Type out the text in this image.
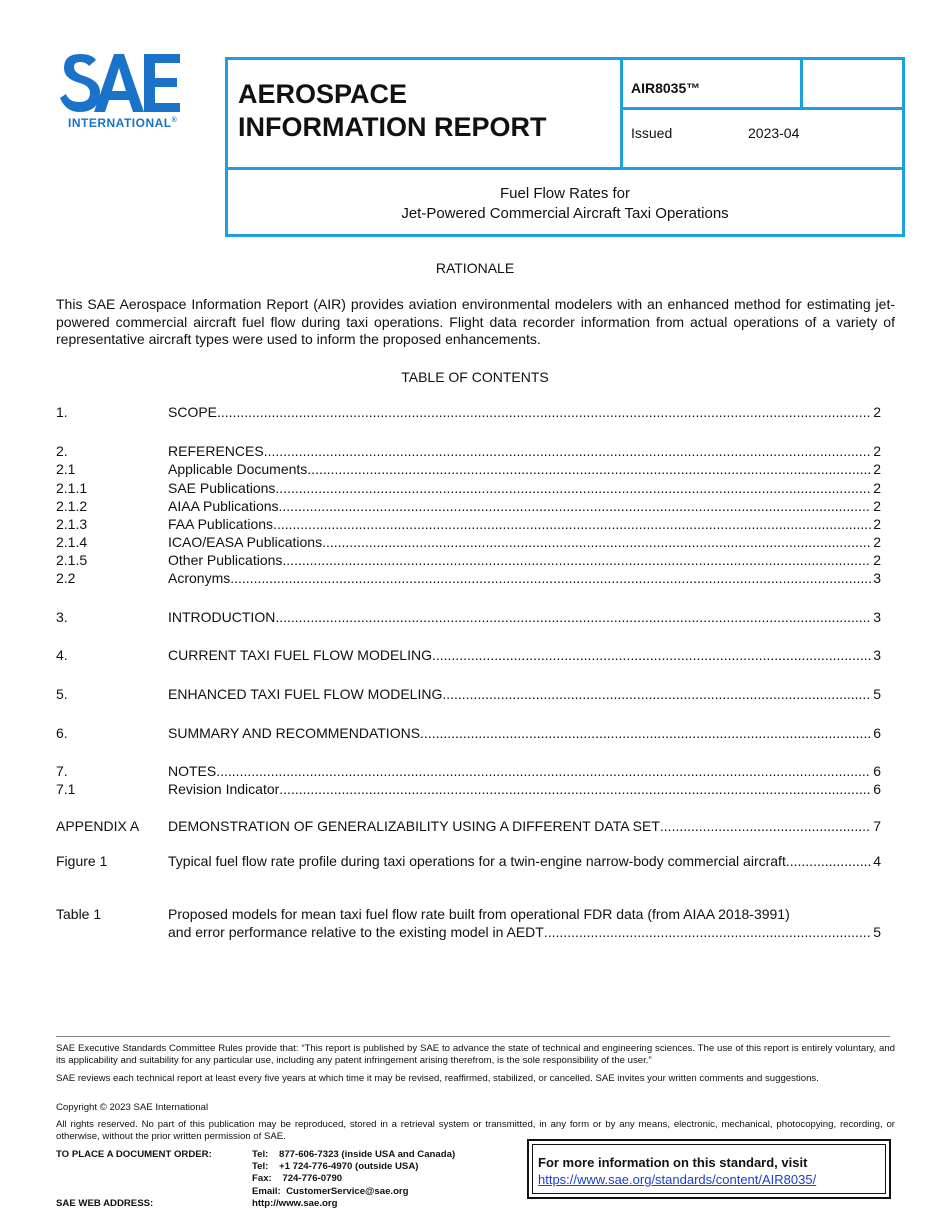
INTERNATIONAL®
AEROSPACE
INFORMATION REPORT
AIR8035™
Issued	2023-04
Fuel Flow Rates for
Jet-Powered Commercial Aircraft Taxi Operations
RATIONALE
This SAE Aerospace Information Report (AIR) provides aviation environmental modelers with an enhanced method for estimating jet-powered commercial aircraft fuel flow during taxi operations. Flight data recorder information from actual operations of a variety of representative aircraft types were used to inform the proposed enhancements.
TABLE OF CONTENTS
1.	SCOPE .....	2
2.	REFERENCES .....	2
2.1	Applicable Documents .....	2
2.1.1	SAE Publications .....	2
2.1.2	AIAA Publications .....	2
2.1.3	FAA Publications .....	2
2.1.4	ICAO/EASA Publications .....	2
2.1.5	Other Publications .....	2
2.2	Acronyms .....	3
3.	INTRODUCTION .....	3
4.	CURRENT TAXI FUEL FLOW MODELING .....	3
5.	ENHANCED TAXI FUEL FLOW MODELING .....	5
6.	SUMMARY AND RECOMMENDATIONS .....	6
7.	NOTES .....	6
7.1	Revision Indicator .....	6
APPENDIX A DEMONSTRATION OF GENERALIZABILITY USING A DIFFERENT DATA SET .....	7
Figure 1	Typical fuel flow rate profile during taxi operations for a twin-engine narrow-body commercial aircraft .....	4
Table 1	Proposed models for mean taxi fuel flow rate built from operational FDR data (from AIAA 2018-3991)
and error performance relative to the existing model in AEDT .....	5
SAE Executive Standards Committee Rules provide that: “This report is published by SAE to advance the state of technical and engineering sciences. The use of this report is entirely voluntary, and its applicability and suitability for any particular use, including any patent infringement arising therefrom, is the sole responsibility of the user.”
SAE reviews each technical report at least every five years at which time it may be revised, reaffirmed, stabilized, or cancelled. SAE invites your written comments and suggestions.
Copyright © 2023 SAE International
All rights reserved. No part of this publication may be reproduced, stored in a retrieval system or transmitted, in any form or by any means, electronic, mechanical, photocopying, recording, or otherwise, without the prior written permission of SAE.
TO PLACE A DOCUMENT ORDER:	Tel:    877-606-7323 (inside USA and Canada)
Tel:    +1 724-776-4970 (outside USA)
Fax:    724-776-0790
Email:  CustomerService@sae.org
http://www.sae.org
SAE WEB ADDRESS:
For more information on this standard, visit
https://www.sae.org/standards/content/AIR8035/
